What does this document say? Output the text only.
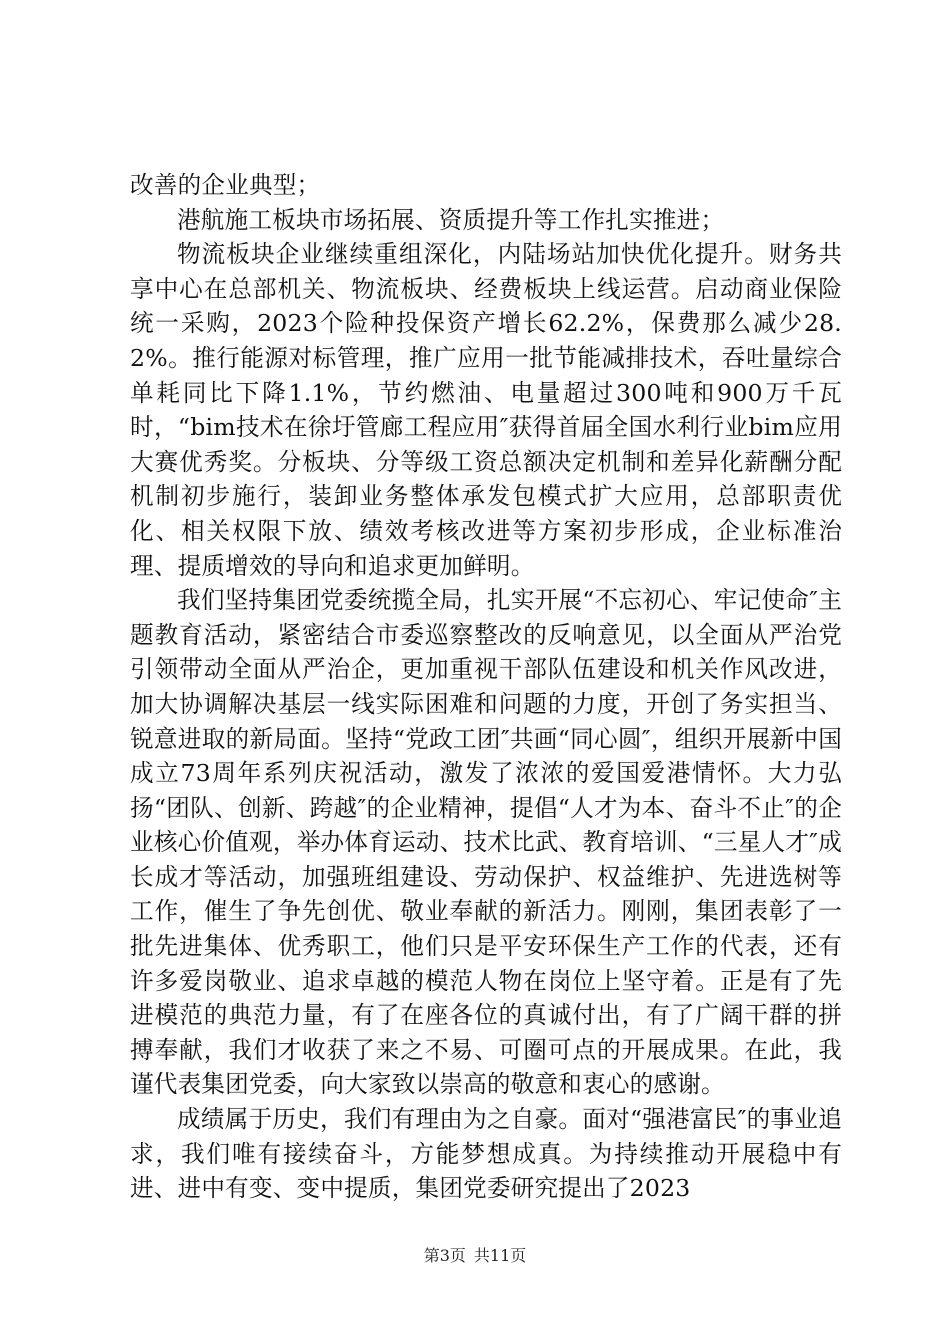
改善的企业典型；

港航施工板块市场拓展、资质提升等工作扎实推进；

物流板块企业继续重组深化，内陆场站加快优化提升。财务共享中心在总部机关、物流板块、经费板块上线运营。启动商业保险统一采购，2023个险种投保资产增长62.2%，保费那么减少28.2%。推行能源对标管理，推广应用一批节能减排技术，吞吐量综合单耗同比下降1.1%，节约燃油、电量超过300吨和900万千瓦时，“bim技术在徐圩管廊工程应用″获得首届全国水利行业bim应用大赛优秀奖。分板块、分等级工资总额决定机制和差异化薪酬分配机制初步施行，装卸业务整体承发包模式扩大应用，总部职责优化、相关权限下放、绩效考核改进等方案初步形成，企业标准治理、提质增效的导向和追求更加鲜明。

我们坚持集团党委统揽全局，扎实开展“不忘初心、牢记使命″主题教育活动，紧密结合市委巡察整改的反响意见，以全面从严治党引领带动全面从严治企，更加重视干部队伍建设和机关作风改进，加大协调解决基层一线实际困难和问题的力度，开创了务实担当、锐意进取的新局面。坚持“党政工团″共画“同心圆″，组织开展新中国成立73周年系列庆祝活动，激发了浓浓的爱国爱港情怀。大力弘扬“团队、创新、跨越″的企业精神，提倡“人才为本、奋斗不止″的企业核心价值观，举办体育运动、技术比武、教育培训、“三星人才″成长成才等活动，加强班组建设、劳动保护、权益维护、先进选树等工作，催生了争先创优、敬业奉献的新活力。刚刚，集团表彰了一批先进集体、优秀职工，他们只是平安环保生产工作的代表，还有许多爱岗敬业、追求卓越的模范人物在岗位上坚守着。正是有了先进模范的典范力量，有了在座各位的真诚付出，有了广阔干群的拼搏奉献，我们才收获了来之不易、可圈可点的开展成果。在此，我谨代表集团党委，向大家致以崇高的敬意和衷心的感谢。

成绩属于历史，我们有理由为之自豪。面对“强港富民″的事业追求，我们唯有接续奋斗，方能梦想成真。为持续推动开展稳中有进、进中有变、变中提质，集团党委研究提出了2023

第3页 共11页
